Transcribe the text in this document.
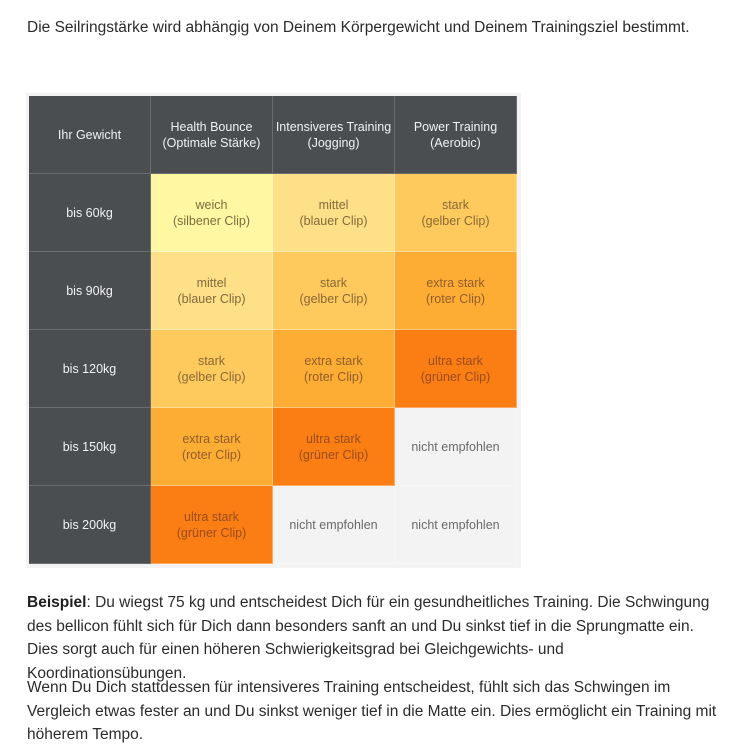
Die Seilringstärke wird abhängig von Deinem Körpergewicht und Deinem Trainingsziel bestimmt.

Ihr Gewicht
Health Bounce
(Optimale Stärke)
Intensiveres Training
(Jogging)
Power Training
(Aerobic)
bis 60kg
weich
(silbener Clip)
mittel
(blauer Clip)
stark
(gelber Clip)
bis 90kg
mittel
(blauer Clip)
stark
(gelber Clip)
extra stark
(roter Clip)
bis 120kg
stark
(gelber Clip)
extra stark
(roter Clip)
ultra stark
(grüner Clip)
bis 150kg
extra stark
(roter Clip)
ultra stark
(grüner Clip)
nicht empfohlen
bis 200kg
ultra stark
(grüner Clip)
nicht empfohlen	nicht empfohlen

Beispiel: Du wiegst 75 kg und entscheidest Dich für ein gesundheitliches Training. Die Schwingung des bellicon fühlt sich für Dich dann besonders sanft an und Du sinkst tief in die Sprungmatte ein. Dies sorgt auch für einen höheren Schwierigkeitsgrad bei Gleichgewichts- und Koordinationsübungen.

Wenn Du Dich stattdessen für intensiveres Training entscheidest, fühlt sich das Schwingen im Vergleich etwas fester an und Du sinkst weniger tief in die Matte ein. Dies ermöglicht ein Training mit höherem Tempo.
